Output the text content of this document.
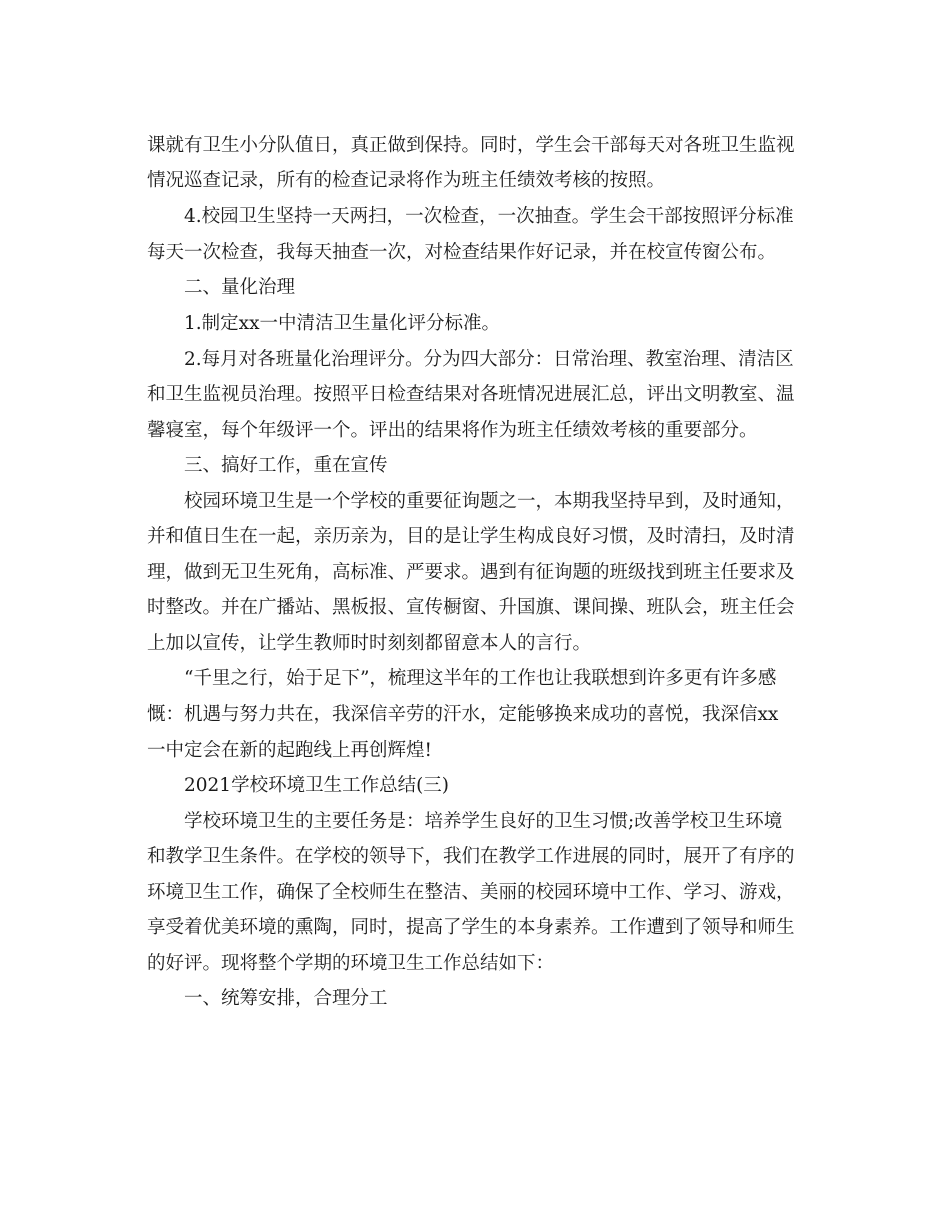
课就有卫生小分队值日，真正做到保持。同时，学生会干部每天对各班卫生监视
情况巡查记录，所有的检查记录将作为班主任绩效考核的按照。
4.校园卫生坚持一天两扫，一次检查，一次抽查。学生会干部按照评分标准
每天一次检查，我每天抽查一次，对检查结果作好记录，并在校宣传窗公布。
二、量化治理
1.制定xx一中清洁卫生量化评分标准。
2.每月对各班量化治理评分。分为四大部分：日常治理、教室治理、清洁区
和卫生监视员治理。按照平日检查结果对各班情况进展汇总，评出文明教室、温
馨寝室，每个年级评一个。评出的结果将作为班主任绩效考核的重要部分。
三、搞好工作，重在宣传
校园环境卫生是一个学校的重要征询题之一，本期我坚持早到，及时通知，
并和值日生在一起，亲历亲为，目的是让学生构成良好习惯，及时清扫，及时清
理，做到无卫生死角，高标准、严要求。遇到有征询题的班级找到班主任要求及
时整改。并在广播站、黑板报、宣传橱窗、升国旗、课间操、班队会，班主任会
上加以宣传，让学生教师时时刻刻都留意本人的言行。
“千里之行，始于足下”，梳理这半年的工作也让我联想到许多更有许多感
慨：机遇与努力共在，我深信辛劳的汗水，定能够换来成功的喜悦，我深信xx
一中定会在新的起跑线上再创辉煌!
2021学校环境卫生工作总结(三)
学校环境卫生的主要任务是：培养学生良好的卫生习惯;改善学校卫生环境
和教学卫生条件。在学校的领导下，我们在教学工作进展的同时，展开了有序的
环境卫生工作，确保了全校师生在整洁、美丽的校园环境中工作、学习、游戏，
享受着优美环境的熏陶，同时，提高了学生的本身素养。工作遭到了领导和师生
的好评。现将整个学期的环境卫生工作总结如下：
一、统筹安排，合理分工
